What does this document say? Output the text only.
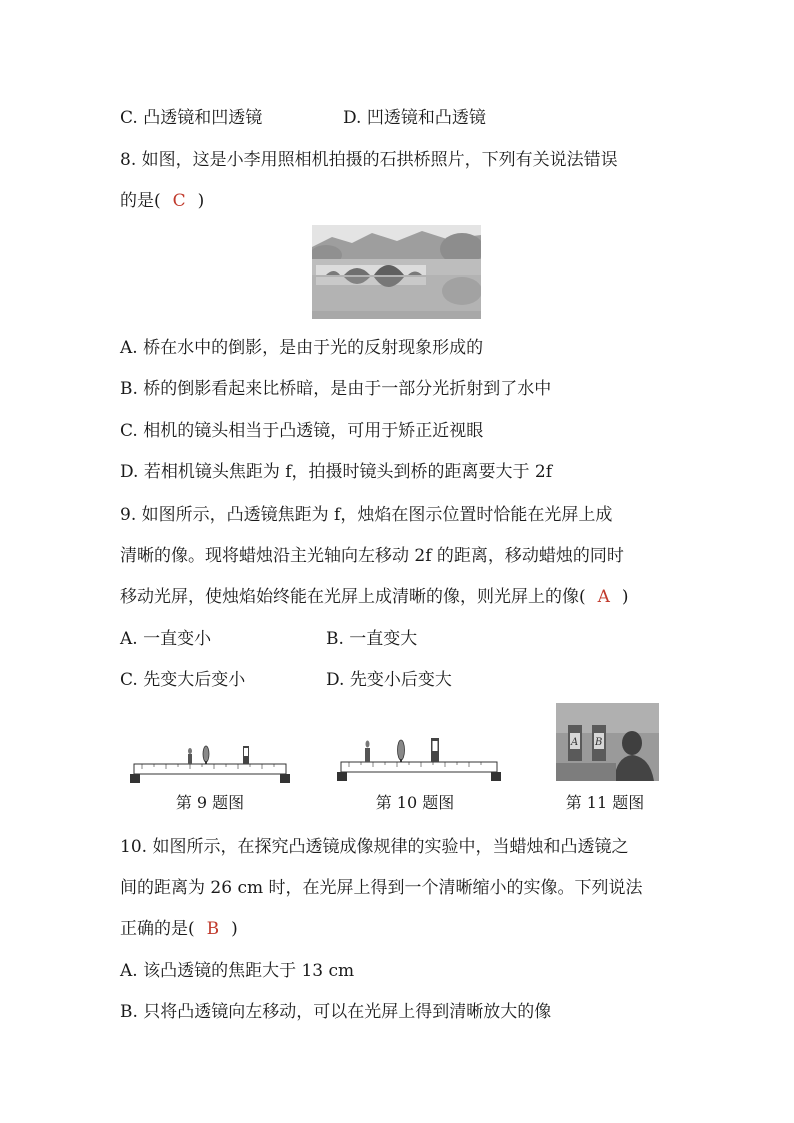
C. 凸透镜和凹透镜	D. 凹透镜和凸透镜
8. 如图，这是小李用照相机拍摄的石拱桥照片，下列有关说法错误
的是( C )
A. 桥在水中的倒影，是由于光的反射现象形成的
B. 桥的倒影看起来比桥暗，是由于一部分光折射到了水中
C. 相机的镜头相当于凸透镜，可用于矫正近视眼
D. 若相机镜头焦距为 f，拍摄时镜头到桥的距离要大于 2f
9. 如图所示，凸透镜焦距为 f，烛焰在图示位置时恰能在光屏上成
清晰的像。现将蜡烛沿主光轴向左移动 2f 的距离，移动蜡烛的同时
移动光屏，使烛焰始终能在光屏上成清晰的像，则光屏上的像( A )
A. 一直变小	B. 一直变大
C. 先变大后变小	D. 先变小后变大
A B
第 9 题图	第 10 题图	第 11 题图
10. 如图所示，在探究凸透镜成像规律的实验中，当蜡烛和凸透镜之
间的距离为 26 cm 时，在光屏上得到一个清晰缩小的实像。下列说法
正确的是( B )
A. 该凸透镜的焦距大于 13 cm
B. 只将凸透镜向左移动，可以在光屏上得到清晰放大的像
